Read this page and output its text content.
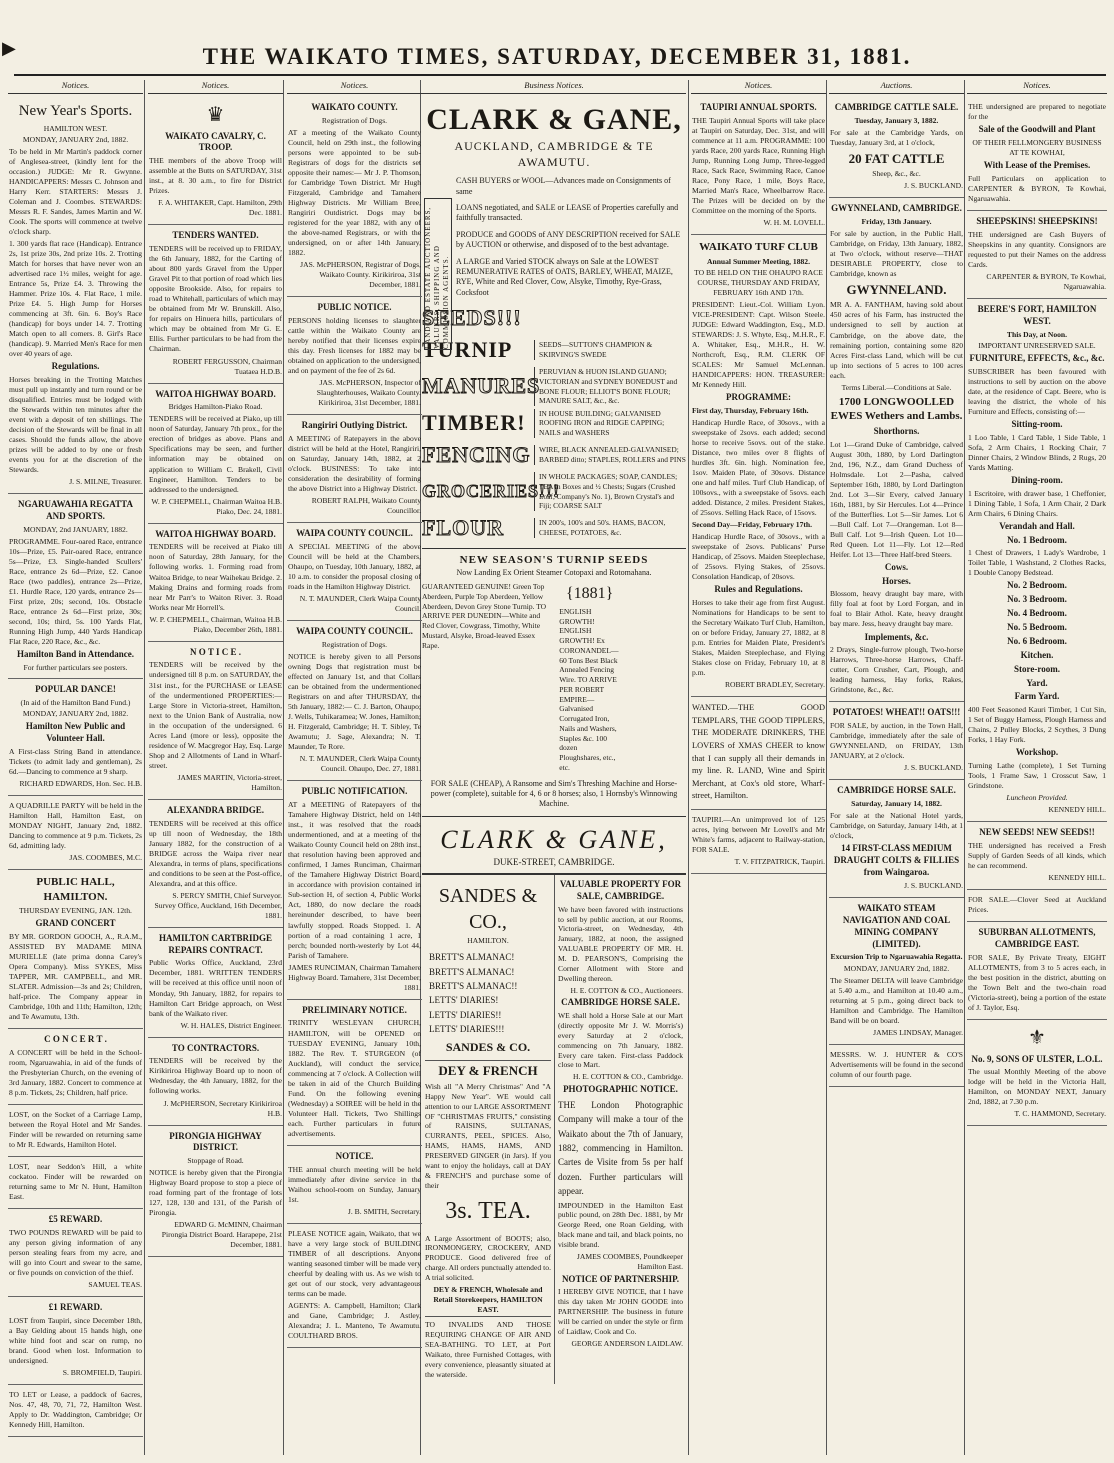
▶	THE WAIKATO TIMES, SATURDAY, DECEMBER 31, 1881.
Notices.
New Year's Sports.
HAMILTON WEST.
MONDAY, JANUARY 2nd, 1882.
To be held in Mr Martin's paddock corner of Anglesea-street, (kindly lent for the occasion.) JUDGE: Mr R. Gwynne. HANDICAPPERS: Messrs C. Johnson and Harry Kerr. STARTERS: Messrs J. Coleman and J. Coombes. STEWARDS: Messrs R. F. Sandes, James Martin and W. Cook. The sports will commence at twelve o'clock sharp.
1. 300 yards flat race (Handicap). Entrance 2s, 1st prize 30s, 2nd prize 10s. 2. Trotting Match for horses that have never won an advertised race 1½ miles, weight for age. Entrance 5s, Prize £4. 3. Throwing the Hammer. Prize 10s. 4. Flat Race, 1 mile. Prize £4. 5. High Jump for Horses commencing at 3ft. 6in. 6. Boy's Race (handicap) for boys under 14. 7. Trotting Match open to all comers. 8. Girl's Race (handicap). 9. Married Men's Race for men over 40 years of age.
Regulations.
Horses breaking in the Trotting Matches must pull up instantly and turn round or be disqualified. Entries must be lodged with the Stewards within ten minutes after the event with a deposit of ten shillings. The decision of the Stewards will be final in all cases. Should the funds allow, the above prizes will be added to by one or fresh events you for at the discretion of the Stewards.
J. S. MILNE, Treasurer.
NGARUAWAHIA REGATTA AND SPORTS.
MONDAY, 2nd JANUARY, 1882.
PROGRAMME. Four-oared Race, entrance 10s—Prize, £5. Pair-oared Race, entrance 5s—Prize, £3. Single-handed Scullers' Race, entrance 2s 6d—Prize, £2. Canoe Race (two paddles), entrance 2s—Prize, £1. Hurdle Race, 120 yards, entrance 2s—First prize, 20s; second, 10s. Obstacle Race, entrance 2s 6d—First prize, 30s; second, 10s; third, 5s. 100 Yards Flat, Running High Jump, 440 Yards Handicap Flat Race, 220 Race, &c., &c.
Hamilton Band in Attendance.
For further particulars see posters.
POPULAR DANCE!
(In aid of the Hamilton Band Fund.)
MONDAY, JANUARY 2nd, 1882.
Hamilton New Public and Volunteer Hall.
A First-class String Band in attendance. Tickets (to admit lady and gentleman), 2s 6d.—Dancing to commence at 9 sharp.
RICHARD EDWARDS, Hon. Sec. H.B.
A QUADRILLE PARTY will be held in the Hamilton Hall, Hamilton East, on MONDAY NIGHT, January 2nd, 1882. Dancing to commence at 9 p.m. Tickets, 2s 6d, admitting lady.
JAS. COOMBES, M.C.
PUBLIC HALL, HAMILTON.
THURSDAY EVENING, JAN. 12th.
GRAND CONCERT
BY MR. GORDON GOOCH, A., R.A.M., ASSISTED BY MADAME MINA MURIELLE (late prima donna Carey's Opera Company). Miss SYKES, Miss TAPPER, MR. CAMPBELL, and MR. SLATER. Admission—3s and 2s; Children, half-price. The Company appear in Cambridge, 10th and 11th; Hamilton, 12th; and Te Awamutu, 13th.
C O N C E R T .
A CONCERT will be held in the School-room, Ngaruawahia, in aid of the funds of the Presbyterian Church, on the evening of 3rd January, 1882. Concert to commence at 8 p.m. Tickets, 2s; Children, half price.
LOST, on the Socket of a Carriage Lamp, between the Royal Hotel and Mr Sandes. Finder will be rewarded on returning same to Mr R. Edwards, Hamilton Hotel.
LOST, near Seddon's Hill, a white cockatoo. Finder will be rewarded on returning same to Mr N. Hunt, Hamilton East.
£5 REWARD.
TWO POUNDS REWARD will be paid to any person giving information of any person stealing fears from my acre, and will go into Court and swear to the same, or five pounds on conviction of the thief.
SAMUEL TEAS.
£1 REWARD.
LOST from Taupiri, since December 18th, a Bay Gelding about 15 hands high, one white hind foot and scar on rump, no brand. Good when lost. Information to undersigned.
S. BROMFIELD, Taupiri.
TO LET or Lease, a paddock of 6acres, Nos. 47, 48, 70, 71, 72, Hamilton West. Apply to Dr. Waddington, Cambridge; Or Kennedy Hill, Hamilton.
Notices.
♛
WAIKATO CAVALRY, C. TROOP.
THE members of the above Troop will assemble at the Butts on SATURDAY, 31st inst., at 8. 30 a.m., to fire for District Prizes.
F. A. WHITAKER, Capt. Hamilton, 29th Dec. 1881.
TENDERS WANTED.
TENDERS will be received up to FRIDAY, the 6th January, 1882, for the Carting of about 800 yards Gravel from the Upper Gravel Pit to that portion of road which lies opposite Brookside. Also, for repairs to road to Whitehall, particulars of which may be obtained from Mr W. Brunskill. Also, for repairs on Hinuera hills, particulars of which may be obtained from Mr G. E. Ellis. Further particulars to be had from the Chairman.
ROBERT FERGUSSON, Chairman Tuataea H.D.B.
WAITOA HIGHWAY BOARD.
Bridges Hamilton-Piako Road.
TENDERS will be received at Piako, up till noon of Saturday, January 7th prox., for the erection of bridges as above. Plans and Specifications may be seen, and further information may be obtained on application to William C. Brakell, Civil Engineer, Hamilton. Tenders to be addressed to the undersigned.
W. P. CHEPMELL, Chairman Waitoa H.B. Piako, Dec. 24, 1881.
WAITOA HIGHWAY BOARD.
TENDERS will be received at Piako till noon of Saturday, 28th January, for the following works. 1. Forming road from Waitoa Bridge, to near Waihekau Bridge. 2. Making Drains and forming roads from near Mr Parr's to Waiton River. 3. Road Works near Mr Horrell's.
W. P. CHEPMELL, Chairman, Waitoa H.B. Piako, December 26th, 1881.
N O T I C E .
TENDERS will be received by the undersigned till 8 p.m. on SATURDAY, the 31st inst., for the PURCHASE or LEASE of the undermentioned PROPERTIES:—Large Store in Victoria-street, Hamilton, next to the Union Bank of Australia, now in the occupation of the undersigned. 6 Acres Land (more or less), opposite the residence of W. Macgregor Hay, Esq. Large Shop and 2 Allotments of Land in Wharf-street.
JAMES MARTIN, Victoria-street, Hamilton.
ALEXANDRA BRIDGE.
TENDERS will be received at this office up till noon of Wednesday, the 18th January 1882, for the construction of a BRIDGE across the Waipa river near Alexandra, in terms of plans, specifications and conditions to be seen at the Post-office, Alexandra, and at this office.
S. PERCY SMITH, Chief Surveyor. Survey Office, Auckland, 16th December, 1881.
HAMILTON CARTBRIDGE REPAIRS CONTRACT.
Public Works Office, Auckland, 23rd December, 1881. WRITTEN TENDERS will be received at this office until noon of Monday, 9th January, 1882, for repairs to Hamilton Cart Bridge approach, on West bank of the Waikato river.
W. H. HALES, District Engineer.
TO CONTRACTORS.
TENDERS will be received by the Kirikiriroa Highway Board up to noon of Wednesday, the 4th January, 1882, for the following works.
J. McPHERSON, Secretary Kirikiriroa H.B.
PIRONGIA HIGHWAY DISTRICT.
Stoppage of Road.
NOTICE is hereby given that the Pirongia Highway Board propose to stop a piece of road forming part of the frontage of lots 127, 128, 130 and 131, of the Parish of Pirongia.
EDWARD G. McMINN, Chairman Pirongia District Board. Harapepe, 21st December, 1881.
Notices.
WAIKATO COUNTY.
Registration of Dogs.
AT a meeting of the Waikato County Council, held on 29th inst., the following persons were appointed to be sub-Registrars of dogs for the districts set opposite their names:— Mr J. P. Thomson, for Cambridge Town District. Mr Hugh Fitzgerald, Cambridge and Tamahere Highway Districts. Mr William Bree, Rangiriri Outdistrict. Dogs may be registered for the year 1882, with any of the above-named Registrars, or with the undersigned, on or after 14th January, 1882.
JAS. McPHERSON, Registrar of Dogs, Waikato County. Kirikiriroa, 31st December, 1881.
PUBLIC NOTICE.
PERSONS holding licenses to slaughter cattle within the Waikato County are hereby notified that their licenses expire this day. Fresh licenses for 1882 may be obtained on application to the undersigned, and on payment of the fee of 2s 6d.
JAS. McPHERSON, Inspector of Slaughterhouses, Waikato County. Kirikiriroa, 31st December, 1881.
Rangiriri Outlying District.
A MEETING of Ratepayers in the above district will be held at the Hotel, Rangiriri, on Saturday, January 14th, 1882, at 2 o'clock. BUSINESS: To take into consideration the desirability of forming the above District into a Highway District.
ROBERT RALPH, Waikato County Councillor.
WAIPA COUNTY COUNCIL.
A SPECIAL MEETING of the above Council will be held at the Chambers, Ohaupo, on Tuesday, 10th January, 1882, at 10 a.m. to consider the proposal closing of roads in the Hamilton Highway District.
N. T. MAUNDER, Clerk Waipa County Council.
WAIPA COUNTY COUNCIL.
Registration of Dogs.
NOTICE is hereby given to all Persons owning Dogs that registration must be effected on January 1st, and that Collars can be obtained from the undermentioned Registrars on and after THURSDAY, the 5th January, 1882:— C. J. Barton, Ohaupo; J. Wells, Tuhikaramea; W. Jones, Hamilton; H. Fitzgerald, Cambridge; H. T. Sibley, Te Awamutu; J. Sage, Alexandra; N. T. Maunder, Te Rore.
N. T. MAUNDER, Clerk Waipa County Council. Ohaupo, Dec. 27, 1881.
PUBLIC NOTIFICATION.
AT a MEETING of Ratepayers of the Tamahere Highway District, held on 14th inst., it was resolved that the roads undermentioned, and at a meeting of the Waikato County Council held on 28th inst., that resolution having been approved and confirmed, I James Runciman, Chairman of the Tamahere Highway District Board, in accordance with provision contained in Sub-section H, of section 4, Public Works Act, 1880, do now declare the roads hereinunder described, to have been lawfully stopped. Roads Stopped. 1. A portion of a road containing 1 acre, 1 perch; bounded north-westerly by Lot 44, Parish of Tamahere.
JAMES RUNCIMAN, Chairman Tamahere Highway Board. Tamahere, 31st December, 1881.
PRELIMINARY NOTICE.
TRINITY WESLEYAN CHURCH, HAMILTON, will be OPENED on TUESDAY EVENING, January 10th, 1882. The Rev. T. STURGEON (of Auckland), will conduct the service, commencing at 7 o'clock. A Collection will be taken in aid of the Church Building Fund. On the following evening (Wednesday) a SOIREE will be held in the Volunteer Hall. Tickets, Two Shillings each. Further particulars in future advertisements.
NOTICE.
THE annual church meeting will be held immediately after divine service in the Waihou school-room on Sunday, January 1st.
J. B. SMITH, Secretary.
PLEASE NOTICE again, Waikato, that we have a very large stock of BUILDING TIMBER of all descriptions. Anyone wanting seasoned timber will be made very cheerful by dealing with us. As we wish to get out of our stock, very advantageous terms can be made.
AGENTS: A. Campbell, Hamilton; Clark and Gane, Cambridge; J. Astley, Alexandra; J. L. Manteno, Te Awamutu. COULTHARD BROS.
Business Notices.
CLARK & GANE,
AUCKLAND, CAMBRIDGE & TE AWAMUTU.
LAND AND ESTATE AUCTIONEERS, VALUERS, SHIPPING AND COMMISSION AGENTS.
CASH BUYERS or WOOL—Advances made on Consignments of same
LOANS negotiated, and SALE or LEASE of Properties carefully and faithfully transacted.
PRODUCE and GOODS of ANY DESCRIPTION received for SALE by AUCTION or otherwise, and disposed of to the best advantage.
A LARGE and Varied STOCK always on Sale at the LOWEST REMUNERATIVE RATES of OATS, BARLEY, WHEAT, MAIZE, RYE, White and Red Clover, Cow, Alsyke, Timothy, Rye-Grass, Cocksfoot
SEEDS!!!
TURNIP	SEEDS—SUTTON'S CHAMPION & SKIRVING'S SWEDE
MANURES
PERUVIAN & HUON ISLAND GUANO; VICTORIAN and SYDNEY BONEDUST and BONE FLOUR; ELLIOT'S BONE FLOUR; MANURE SALT, &c., &c.
TIMBER!	IN HOUSE BUILDING; GALVANISED ROOFING IRON and RIDGE CAPPING; NAILS and WASHERS
FENCING	WIRE, BLACK ANNEALED-GALVANISED; BARBED ditto; STAPLES, ROLLERS and PINS
GROCERIES!!!
IN WHOLE PACKAGES; SOAP, CANDLES; TEA in Boxes and ½ Chests; Sugars (Crushed Loaf, Company's No. 1), Brown Crystal's and Fiji; COARSE SALT
FLOUR	IN 200's, 100's and 50's. HAMS, BACON, CHEESE, POTATOES, &c.
NEW SEASON'S TURNIP SEEDS
Now Landing Ex Orient Steamer Cotopaxi and Rotomahana.
GUARANTEED GENUINE! Green Top Aberdeen, Purple Top Aberdeen, Yellow Aberdeen, Devon Grey Stone Turnip. TO ARRIVE PER DUNEDIN—White and Red Clover, Cowgrass, Timothy, White Mustard, Alsyke, Broad-leaved Essex Rape.
{1881}
ENGLISH GROWTH! ENGLISH GROWTH! Ex CORONANDEL—60 Tons Best Black Annealed Fencing Wire. TO ARRIVE PER ROBERT EMPIRE—Galvanised Corrugated Iron, Nails and Washers, Staples &c. 100 dozen Ploughshares, etc., etc.
FOR SALE (CHEAP), A Ransome and Sim's Threshing Machine and Horse-power (complete), suitable for 4, 6 or 8 horses; also, 1 Hornsby's Winnowing Machine.
CLARK & GANE,
DUKE-STREET, CAMBRIDGE.
SANDES & CO.,
HAMILTON.
BRETT'S ALMANAC!
BRETT'S ALMANAC!
BRETT'S ALMANAC!!
LETTS' DIARIES!
LETTS' DIARIES!!
LETTS' DIARIES!!!
SANDES & CO.
DEY & FRENCH
Wish all "A Merry Christmas" And "A Happy New Year". WE would call attention to our LARGE ASSORTMENT OF "CHRISTMAS FRUITS," consisting of RAISINS, SULTANAS, CURRANTS, PEEL, SPICES. Also, HAMS, HAMS, HAMS, AND PRESERVED GINGER (in Jars). If you want to enjoy the holidays, call at DAY & FRENCH'S and purchase some of their
3s. TEA.
A Large Assortment of BOOTS; also, IRONMONGERY, CROCKERY, AND PRODUCE. Good delivered free of charge. All orders punctually attended to. A trial solicited.
DEY & FRENCH, Wholesale and Retail Storekeepers, HAMILTON EAST.
TO INVALIDS AND THOSE REQUIRING CHANGE OF AIR AND SEA-BATHING. TO LET, at Port Waikato, three Furnished Cottages, with every convenience, pleasantly situated at the waterside.
VALUABLE PROPERTY FOR SALE, CAMBRIDGE.
We have been favored with instructions to sell by public auction, at our Rooms, Victoria-street, on Wednesday, 4th January, 1882, at noon, the assigned VALUABLE PROPERTY OF MR. H. M. D. PEARSON'S, Comprising the Corner Allotment with Store and Dwelling thereon.
H. E. COTTON & CO., Auctioneers.
CAMBRIDGE HORSE SALE.
WE shall hold a Horse Sale at our Mart (directly opposite Mr J. W. Morris's) every Saturday at 2 o'clock, commencing on 7th January, 1882. Every care taken. First-class Paddock close to Mart.
H. E. COTTON & CO., Cambridge.
PHOTOGRAPHIC NOTICE.
THE London Photographic Company will make a tour of the Waikato about the 7th of January, 1882, commencing in Hamilton. Cartes de Visite from 5s per half dozen. Further particulars will appear.
IMPOUNDED in the Hamilton East public pound, on 28th Dec. 1881, by Mr George Reed, one Roan Gelding, with black mane and tail, and black points, no visible brand.
JAMES COOMBES, Poundkeeper Hamilton East.
NOTICE OF PARTNERSHIP.
I HEREBY GIVE NOTICE, that I have this day taken Mr JOHN GOODE into PARTNERSHIP. The business in future will be carried on under the style or firm of Laidlaw, Cook and Co.
GEORGE ANDERSON LAIDLAW.
Notices.
TAUPIRI ANNUAL SPORTS.
THE Taupiri Annual Sports will take place at Taupiri on Saturday, Dec. 31st, and will commence at 11 a.m. PROGRAMME: 100 yards Race, 200 yards Race, Running High Jump, Running Long Jump, Three-legged Race, Sack Race, Swimming Race, Canoe Race, Pony Race, 1 mile, Boys Race, Married Man's Race, Wheelbarrow Race. The Prizes will be decided on by the Committee on the morning of the Sports.
W. H. M. LOVELL.
WAIKATO TURF CLUB
Annual Summer Meeting, 1882.
TO BE HELD ON THE OHAUPO RACE COURSE, THURSDAY AND FRIDAY, FEBRUARY 16th AND 17th.
PRESIDENT: Lieut.-Col. William Lyon. VICE-PRESIDENT: Capt. Wilson Steele. JUDGE: Edward Waddington, Esq., M.D. STEWARDS: J. S. Whyte, Esq., M.H.R., F. A. Whitaker, Esq., M.H.R., H. W. Northcroft, Esq., R.M. CLERK OF SCALES: Mr Samuel McLennan. HANDICAPPERS: HON. TREASURER: Mr Kennedy Hill.
PROGRAMME:
First day, Thursday, February 16th.
Handicap Hurdle Race, of 30sovs., with a sweepstake of 2sovs. each added; second horse to receive 5sovs. out of the stake. Distance, two miles over 8 flights of hurdles 3ft. 6in. high. Nomination fee, 1sov. Maiden Plate, of 30sovs. Distance one and half miles. Turf Club Handicap, of 100sovs., with a sweepstake of 5sovs. each added. Distance, 2 miles. President Stakes, of 25sovs. Selling Hack Race, of 15sovs.
Second Day—Friday, February 17th.
Handicap Hurdle Race, of 30sovs., with a sweepstake of 2sovs. Publicans' Purse Handicap, of 25sovs. Maiden Steeplechase, of 25sovs. Flying Stakes, of 25sovs. Consolation Handicap, of 20sovs.
Rules and Regulations.
Horses to take their age from first August. Nominations for Handicaps to be sent to the Secretary Waikato Turf Club, Hamilton, on or before Friday, January 27, 1882, at 8 p.m. Entries for Maiden Plate, President's Stakes, Maiden Steeplechase, and Flying Stakes close on Friday, February 10, at 8 p.m.
ROBERT BRADLEY, Secretary.
WANTED.—THE GOOD TEMPLARS, THE GOOD TIPPLERS, THE MODERATE DRINKERS, THE LOVERS of XMAS CHEER to know that I can supply all their demands in my line. R. LAND, Wine and Spirit Merchant, at Cox's old store, Wharf-street, Hamilton.
TAUPIRI.—An unimproved lot of 125 acres, lying between Mr Lovell's and Mr White's farms, adjacent to Railway-station, FOR SALE.
T. V. FITZPATRICK, Taupiri.
Auctions.
CAMBRIDGE CATTLE SALE.
Tuesday, January 3, 1882.
For sale at the Cambridge Yards, on Tuesday, January 3rd, at 1 o'clock,
20 FAT CATTLE
Sheep, &c., &c.
J. S. BUCKLAND.
GWYNNELAND, CAMBRIDGE.
Friday, 13th January.
For sale by auction, in the Public Hall, Cambridge, on Friday, 13th January, 1882, at Two o'clock, without reserve—THAT DESIRABLE PROPERTY, close to Cambridge, known as
GWYNNELAND.
MR A. A. FANTHAM, having sold about 450 acres of his Farm, has instructed the undersigned to sell by auction at Cambridge, on the above date, the remaining portion, containing some 820 Acres First-class Land, which will be cut up into sections of 5 acres to 100 acres each.
Terms Liberal.—Conditions at Sale.
1700 LONGWOOLLED EWES Wethers and Lambs.
Shorthorns.
Lot 1—Grand Duke of Cambridge, calved August 30th, 1880, by Lord Darlington 2nd, 196, N.Z., dam Grand Duchess of Holmsdale. Lot 2—Pasha, calved September 16th, 1880, by Lord Darlington 2nd. Lot 3—Sir Every, calved January 16th, 1881, by Sir Hercules. Lot 4—Prince of the Butterflies. Lot 5—Sir James. Lot 6—Bull Calf. Lot 7—Orangeman. Lot 8—Bull Calf. Lot 9—Irish Queen. Lot 10—Red Queen. Lot 11—Fly. Lot 12—Red Heifer. Lot 13—Three Half-bred Steers.
Cows.
Horses.
Blossom, heavy draught bay mare, with filly foal at foot by Lord Forgan, and in foal to Blair Athol. Kate, heavy draught bay mare. Jess, heavy draught bay mare.
Implements, &c.
2 Drays, Single-furrow plough, Two-horse Harrows, Three-horse Harrows, Chaff-cutter, Corn Crusher, Cart, Plough, and leading harness, Hay forks, Rakes, Grindstone, &c., &c.
POTATOES! WHEAT!! OATS!!!
FOR SALE, by auction, in the Town Hall, Cambridge, immediately after the sale of GWYNNELAND, on FRIDAY, 13th JANUARY, at 2 o'clock.
J. S. BUCKLAND.
CAMBRIDGE HORSE SALE.
Saturday, January 14, 1882.
For sale at the National Hotel yards, Cambridge, on Saturday, January 14th, at 1 o'clock,
14 FIRST-CLASS MEDIUM DRAUGHT COLTS & FILLIES from Waingaroa.
J. S. BUCKLAND.
WAIKATO STEAM NAVIGATION AND COAL MINING COMPANY (LIMITED).
Excursion Trip to Ngaruawahia Regatta.
MONDAY, JANUARY 2nd, 1882.
The Steamer DELTA will leave Cambridge at 5.40 a.m., and Hamilton at 10.40 a.m., returning at 5 p.m., going direct back to Hamilton and Cambridge. The Hamilton Band will be on board.
JAMES LINDSAY, Manager.
MESSRS. W. J. HUNTER & CO'S Advertisements will be found in the second column of our fourth page.
Notices.
THE undersigned are prepared to negotiate for the
Sale of the Goodwill and Plant
OF THEIR FELLMONGERY BUSINESS AT TE KOWHAI,
With Lease of the Premises.
Full Particulars on application to CARPENTER & BYRON, Te Kowhai, Ngaruawahia.
SHEEPSKINS! SHEEPSKINS!
THE undersigned are Cash Buyers of Sheepskins in any quantity. Consignors are requested to put their Names on the address Cards.
CARPENTER & BYRON, Te Kowhai, Ngaruawahia.
BEERE'S FORT, HAMILTON WEST.
This Day, at Noon.
IMPORTANT UNRESERVED SALE.
FURNITURE, EFFECTS, &c., &c.
SUBSCRIBER has been favoured with instructions to sell by auction on the above date, at the residence of Capt. Beere, who is leaving the district, the whole of his Furniture and Effects, consisting of:—
Sitting-room.
1 Loo Table, 1 Card Table, 1 Side Table, 1 Sofa, 2 Arm Chairs, 1 Rocking Chair, 7 Dinner Chairs, 2 Window Blinds, 2 Rugs, 20 Yards Matting.
Dining-room.
1 Escritoire, with drawer base, 1 Cheffonier, 1 Dining Table, 1 Sofa, 1 Arm Chair, 2 Dark Arm Chairs, 6 Dining Chairs.
Verandah and Hall.
No. 1 Bedroom.
1 Chest of Drawers, 1 Lady's Wardrobe, 1 Toilet Table, 1 Washstand, 2 Clothes Racks, 1 Double Canopy Bedstead.
No. 2 Bedroom.
No. 3 Bedroom.
No. 4 Bedroom.
No. 5 Bedroom.
No. 6 Bedroom.
Kitchen.
Store-room.
Yard.
Farm Yard.
400 Feet Seasoned Kauri Timber, 1 Cut Sin, 1 Set of Buggy Harness, Plough Harness and Chains, 2 Pulley Blocks, 2 Scythes, 3 Dung Forks, 1 Hay Fork.
Workshop.
Turning Lathe (complete), 1 Set Turning Tools, 1 Frame Saw, 1 Crosscut Saw, 1 Grindstone.
Luncheon Provided.
KENNEDY HILL.
NEW SEEDS! NEW SEEDS!!
THE undersigned has received a Fresh Supply of Garden Seeds of all kinds, which he can recommend.
KENNEDY HILL.
FOR SALE.—Clover Seed at Auckland Prices.
SUBURBAN ALLOTMENTS, CAMBRIDGE EAST.
FOR SALE, By Private Treaty, EIGHT ALLOTMENTS, from 3 to 5 acres each, in the best position in the district, abutting on the Town Belt and the two-chain road (Victoria-street), being a portion of the estate of J. Taylor, Esq.
⚜
No. 9, SONS OF ULSTER, L.O.L.
The usual Monthly Meeting of the above lodge will be held in the Victoria Hall, Hamilton, on MONDAY NEXT, January 2nd, 1882, at 7.30 p.m.
T. C. HAMMOND, Secretary.
